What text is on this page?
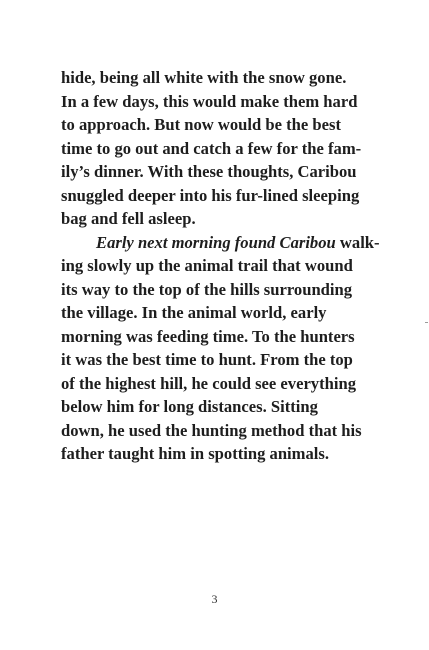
hide, being all white with the snow gone.
In a few days, this would make them hard
to approach. But now would be the best
time to go out and catch a few for the fam-
ily’s dinner. With these thoughts, Caribou
snuggled deeper into his fur-lined sleeping
bag and fell asleep.
Early next morning found Caribou walk-
ing slowly up the animal trail that wound
its way to the top of the hills surrounding
the village. In the animal world, early
morning was feeding time. To the hunters
it was the best time to hunt. From the top
of the highest hill, he could see everything
below him for long distances. Sitting
down, he used the hunting method that his
father taught him in spotting animals.
3
